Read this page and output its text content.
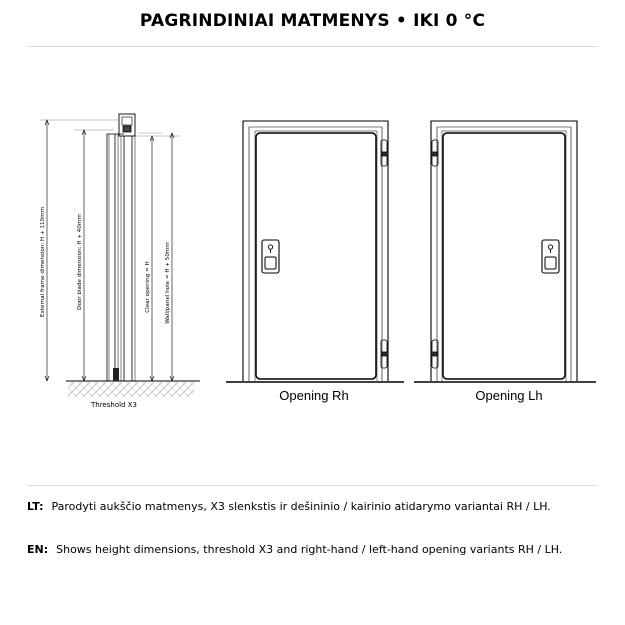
PAGRINDINIAI MATMENYS • IKI 0 °C
External frame dimension: H + 110mm	Door blade dimension: H + 40mm	Clear opening = H	Wall/panel hole = H + 50mm
Threshold X3
Opening Rh	Opening Lh
LT: Parodyti aukščio matmenys, X3 slenkstis ir dešininio / kairinio atidarymo variantai RH / LH.
EN: Shows height dimensions, threshold X3 and right-hand / left-hand opening variants RH / LH.
